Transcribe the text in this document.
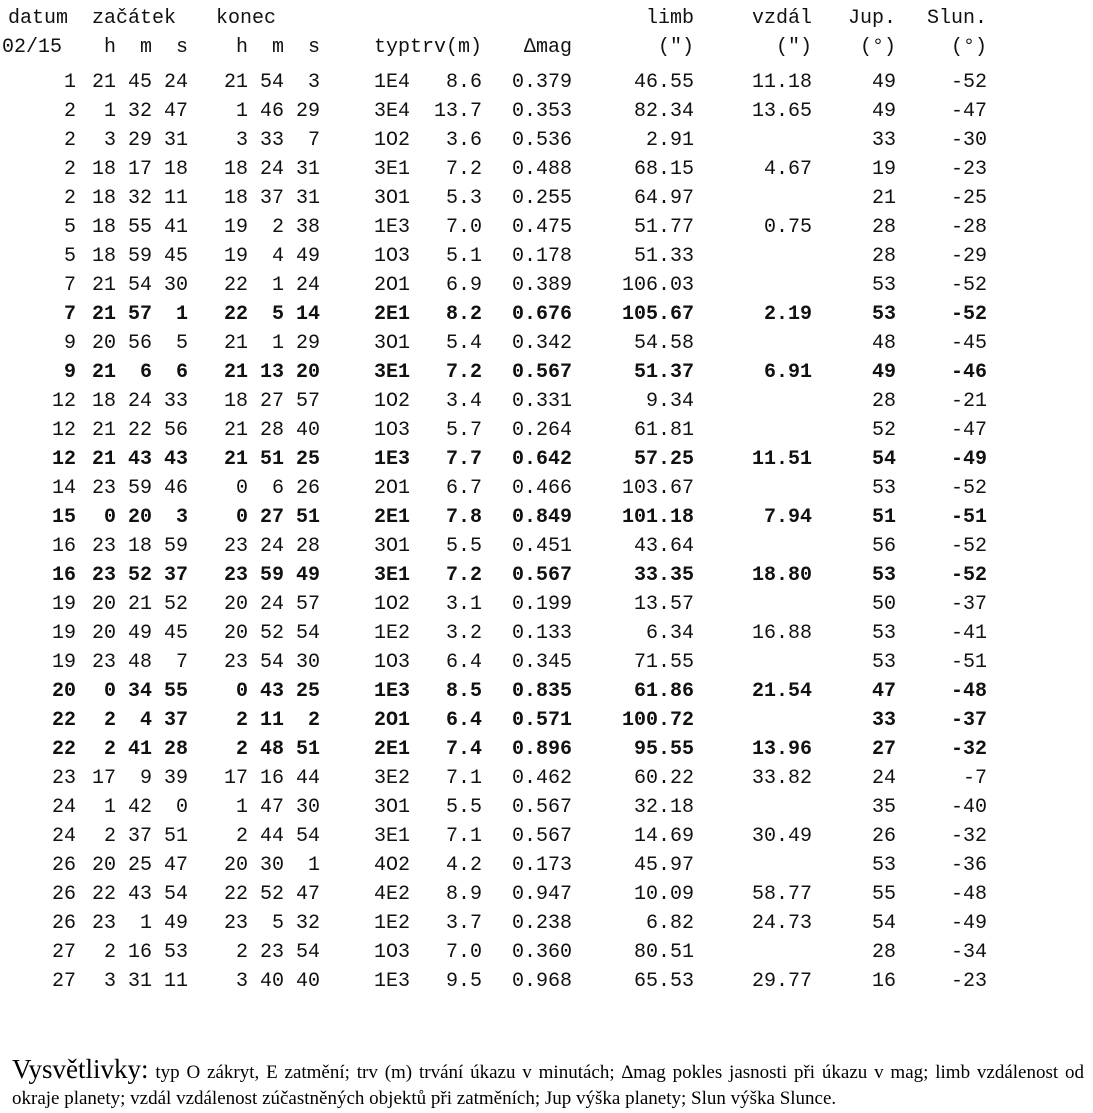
datum	začátek			konec						limb	vzdál	Jup.	Slun.
02/15	h	m	s	h	m	s	typ	trv(m)	∆mag	(")	(")	(°)	(°)

1	21	45	24	21	54	3	1E4	8.6	0.379	46.55	11.18	49	-52
2	1	32	47	1	46	29	3E4	13.7	0.353	82.34	13.65	49	-47
2	3	29	31	3	33	7	1O2	3.6	0.536	2.91		33	-30
2	18	17	18	18	24	31	3E1	7.2	0.488	68.15	4.67	19	-23
2	18	32	11	18	37	31	3O1	5.3	0.255	64.97		21	-25
5	18	55	41	19	2	38	1E3	7.0	0.475	51.77	0.75	28	-28
5	18	59	45	19	4	49	1O3	5.1	0.178	51.33		28	-29
7	21	54	30	22	1	24	2O1	6.9	0.389	106.03		53	-52
7	21	57	1	22	5	14	2E1	8.2	0.676	105.67	2.19	53	-52
9	20	56	5	21	1	29	3O1	5.4	0.342	54.58		48	-45
9	21	6	6	21	13	20	3E1	7.2	0.567	51.37	6.91	49	-46
12	18	24	33	18	27	57	1O2	3.4	0.331	9.34		28	-21
12	21	22	56	21	28	40	1O3	5.7	0.264	61.81		52	-47
12	21	43	43	21	51	25	1E3	7.7	0.642	57.25	11.51	54	-49
14	23	59	46	0	6	26	2O1	6.7	0.466	103.67		53	-52
15	0	20	3	0	27	51	2E1	7.8	0.849	101.18	7.94	51	-51
16	23	18	59	23	24	28	3O1	5.5	0.451	43.64		56	-52
16	23	52	37	23	59	49	3E1	7.2	0.567	33.35	18.80	53	-52
19	20	21	52	20	24	57	1O2	3.1	0.199	13.57		50	-37
19	20	49	45	20	52	54	1E2	3.2	0.133	6.34	16.88	53	-41
19	23	48	7	23	54	30	1O3	6.4	0.345	71.55		53	-51
20	0	34	55	0	43	25	1E3	8.5	0.835	61.86	21.54	47	-48
22	2	4	37	2	11	2	2O1	6.4	0.571	100.72		33	-37
22	2	41	28	2	48	51	2E1	7.4	0.896	95.55	13.96	27	-32
23	17	9	39	17	16	44	3E2	7.1	0.462	60.22	33.82	24	-7
24	1	42	0	1	47	30	3O1	5.5	0.567	32.18		35	-40
24	2	37	51	2	44	54	3E1	7.1	0.567	14.69	30.49	26	-32
26	20	25	47	20	30	1	4O2	4.2	0.173	45.97		53	-36
26	22	43	54	22	52	47	4E2	8.9	0.947	10.09	58.77	55	-48
26	23	1	49	23	5	32	1E2	3.7	0.238	6.82	24.73	54	-49
27	2	16	53	2	23	54	1O3	7.0	0.360	80.51		28	-34
27	3	31	11	3	40	40	1E3	9.5	0.968	65.53	29.77	16	-23

Vysvětlivky: typ O zákryt, E zatmění; trv (m) trvání úkazu v minutách; ∆mag pokles jasnosti při úkazu v mag; limb vzdálenost od okraje planety; vzdál vzdálenost zúčastněných objektů při zatměních; Jup výška planety; Slun výška Slunce.
